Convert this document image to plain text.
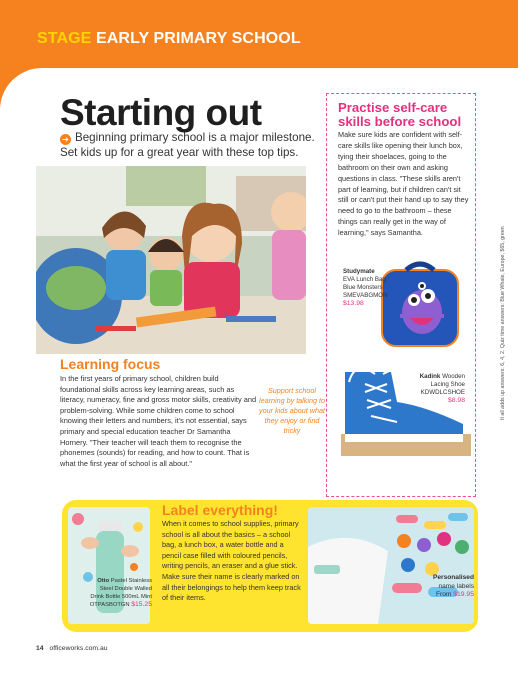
STAGE EARLY PRIMARY SCHOOL
Starting out
➔ Beginning primary school is a major milestone. Set kids up for a great year with these top tips.
Learning focus
In the first years of primary school, children build foundational skills across key learning areas, such as literacy, numeracy, fine and gross motor skills, creativity and problem-solving. While some children come to school knowing their letters and numbers, it's not essential, says primary and special education teacher Dr Samantha Hornery. "Their teacher will teach them to recognise the phonemes (sounds) for reading, and how to count. That is what the first year of school is all about."
Support school learning by talking to your kids about what they enjoy or find tricky
Practise self-care skills before school
Make sure kids are confident with self-care skills like opening their lunch box, tying their shoelaces, going to the bathroom on their own and asking questions in class. "These skills aren't part of learning, but if children can't sit still or can't put their hand up to say they need to go to the bathroom – these things can really get in the way of learning," says Samantha.
Studymate
EVA Lunch Bag
Blue Monsters
SMEVABGMON
$13.98
Kadink Wooden
Lacing Shoe
KDWDLCSHOE
$8.98	It all adds up answers: 6, 4, 2. Quiz time answers: Blue Whale, Europe, $65, green
Otto Pastel Stainless
Steel Double Walled
Drink Bottle 500mL Mint
OTPASBOTGN $15.25
Label everything!
When it comes to school supplies, primary school is all about the basics – a school bag, a lunch box, a water bottle and a pencil case filled with coloured pencils, writing pencils, an eraser and a glue stick. Make sure their name is clearly marked on all their belongings to help them keep track of their items.
Personalised
name labels
From $19.95
14 officeworks.com.au
